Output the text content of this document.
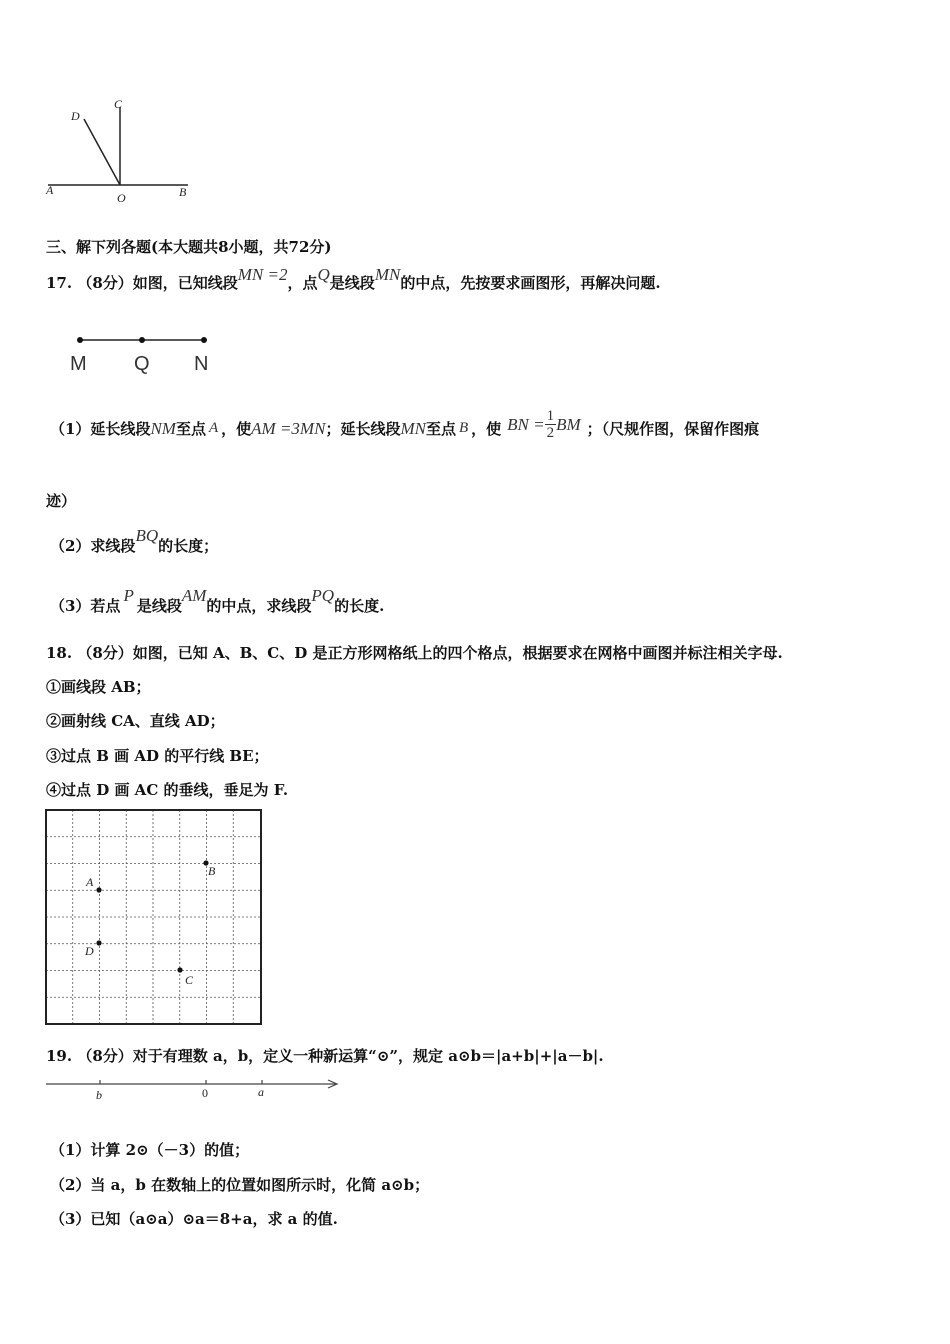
D
C
A
O	B
三、解下列各题(本大题共8小题，共72分)
17. （8分）如图，已知线段MN =2，点Q是线段MN的中点，先按要求画图形，再解决问题.
M Q N
（1）延长线段 NM 至点 A ，使 AM =3MN ；延长线段 MN 至点 B ，使 BN = $\frac{1}{2}$ BM ；（尺规作图，保留作图痕
迹）
（2）求线段BQ的长度；
（3）若点P是线段AM的中点，求线段PQ的长度.
18. （8分）如图，已知 A、B、C、D 是正方形网格纸上的四个格点，根据要求在网格中画图并标注相关字母.
①画线段 AB；
②画射线 CA、直线 AD；
③过点 B 画 AD 的平行线 BE；
④过点 D 画 AC 的垂线，垂足为 F.
A
B
C
D
19. （8分）对于有理数 a，b，定义一种新运算“⊙”，规定 a⊙b＝|a+b|+|a－b|.
b	0	a
（1）计算 2⊙（－3）的值；
（2）当 a，b 在数轴上的位置如图所示时，化简 a⊙b；
（3）已知（a⊙a）⊙a＝8+a，求 a 的值.
